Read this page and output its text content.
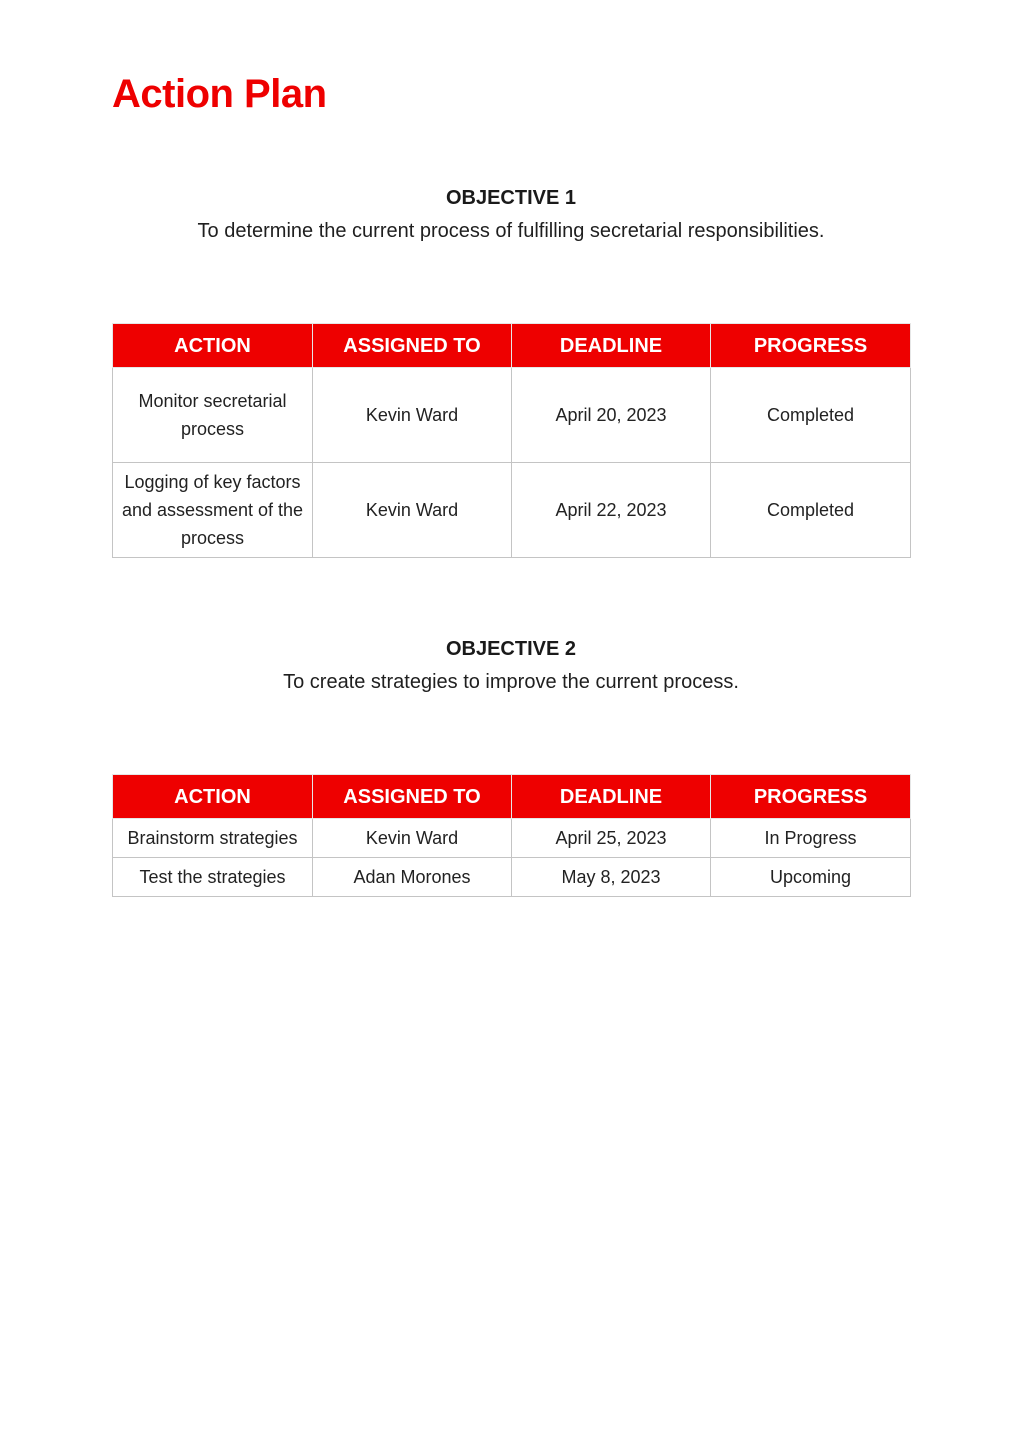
Action Plan
OBJECTIVE 1
To determine the current process of fulfilling secretarial responsibilities.
ACTION	ASSIGNED TO	DEADLINE	PROGRESS
Monitor secretarial process	Kevin Ward	April 20, 2023	Completed
Logging of key factors and assessment of the process	Kevin Ward	April 22, 2023	Completed
OBJECTIVE 2
To create strategies to improve the current process.
ACTION	ASSIGNED TO	DEADLINE	PROGRESS
Brainstorm strategies	Kevin Ward	April 25, 2023	In Progress
Test the strategies	Adan Morones	May 8, 2023	Upcoming
